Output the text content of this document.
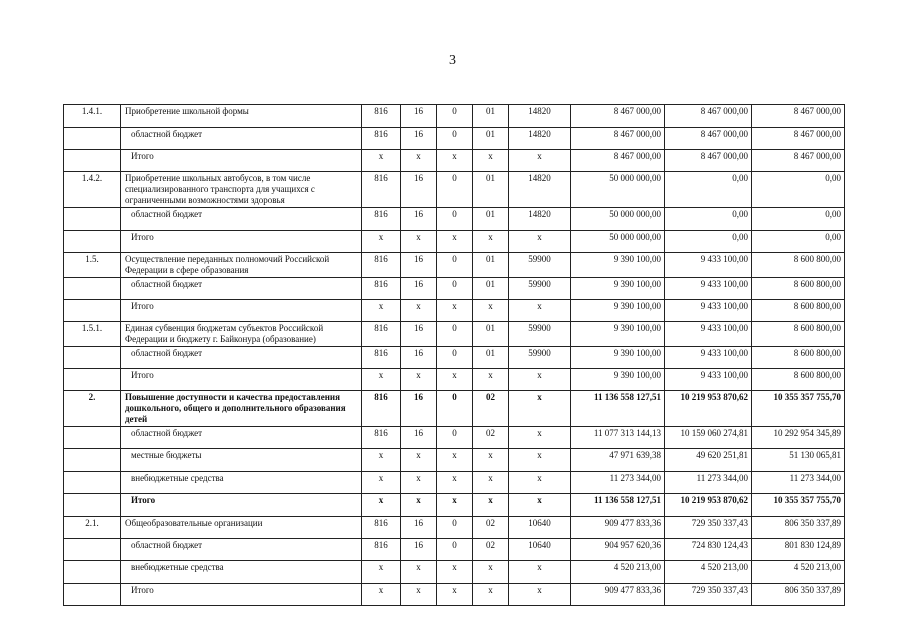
3
1.4.1.	Приобретение школьной формы	816	16	0	01	14820	8 467 000,00	8 467 000,00	8 467 000,00
	областной бюджет	816	16	0	01	14820	8 467 000,00	8 467 000,00	8 467 000,00
	Итого	x	x	x	x	x	8 467 000,00	8 467 000,00	8 467 000,00
1.4.2.	Приобретение школьных автобусов, в том числе специализированного транспорта для учащихся с ограниченными возможностями здоровья	816	16	0	01	14820	50 000 000,00	0,00	0,00
	областной бюджет	816	16	0	01	14820	50 000 000,00	0,00	0,00
	Итого	x	x	x	x	x	50 000 000,00	0,00	0,00
1.5.	Осуществление переданных полномочий Российской Федерации в сфере образования	816	16	0	01	59900	9 390 100,00	9 433 100,00	8 600 800,00
	областной бюджет	816	16	0	01	59900	9 390 100,00	9 433 100,00	8 600 800,00
	Итого	x	x	x	x	x	9 390 100,00	9 433 100,00	8 600 800,00
1.5.1.	Единая субвенция бюджетам субъектов Российской Федерации и бюджету г. Байконура (образование)	816	16	0	01	59900	9 390 100,00	9 433 100,00	8 600 800,00
	областной бюджет	816	16	0	01	59900	9 390 100,00	9 433 100,00	8 600 800,00
	Итого	x	x	x	x	x	9 390 100,00	9 433 100,00	8 600 800,00
2.	Повышение доступности и качества предоставления дошкольного, общего и дополнительного образования детей	816	16	0	02	x	11 136 558 127,51	10 219 953 870,62	10 355 357 755,70
	областной бюджет	816	16	0	02	x	11 077 313 144,13	10 159 060 274,81	10 292 954 345,89
	местные бюджеты	x	x	x	x	x	47 971 639,38	49 620 251,81	51 130 065,81
	внебюджетные средства	x	x	x	x	x	11 273 344,00	11 273 344,00	11 273 344,00
	Итого	x	x	x	x	x	11 136 558 127,51	10 219 953 870,62	10 355 357 755,70
2.1.	Общеобразовательные организации	816	16	0	02	10640	909 477 833,36	729 350 337,43	806 350 337,89
	областной бюджет	816	16	0	02	10640	904 957 620,36	724 830 124,43	801 830 124,89
	внебюджетные средства	x	x	x	x	x	4 520 213,00	4 520 213,00	4 520 213,00
	Итого	x	x	x	x	x	909 477 833,36	729 350 337,43	806 350 337,89
